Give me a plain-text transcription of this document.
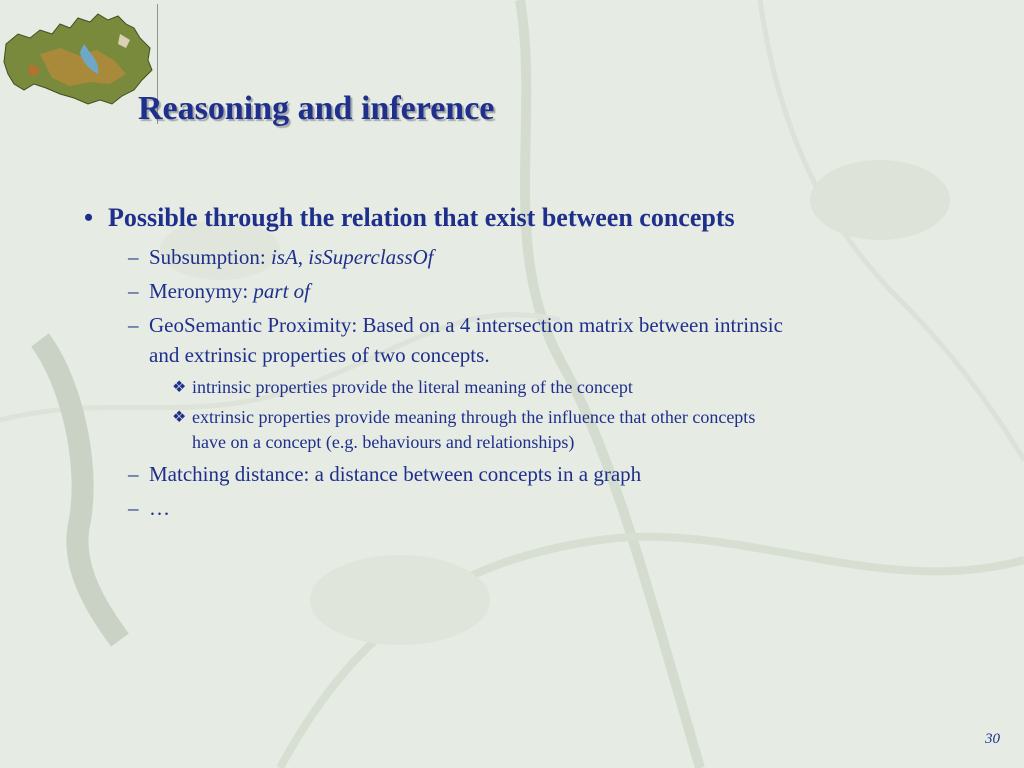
Reasoning and inference
• Possible through the relation that exist between concepts
– Subsumption: isA, isSuperclassOf
– Meronymy: part of
– GeoSemantic Proximity: Based on a 4 intersection matrix between intrinsic
and extrinsic properties of two concepts.
❖ intrinsic properties provide the literal meaning of the concept
❖ extrinsic properties provide meaning through the influence that other concepts
have on a concept (e.g. behaviours and relationships)
– Matching distance: a distance between concepts in a graph
– …
30
